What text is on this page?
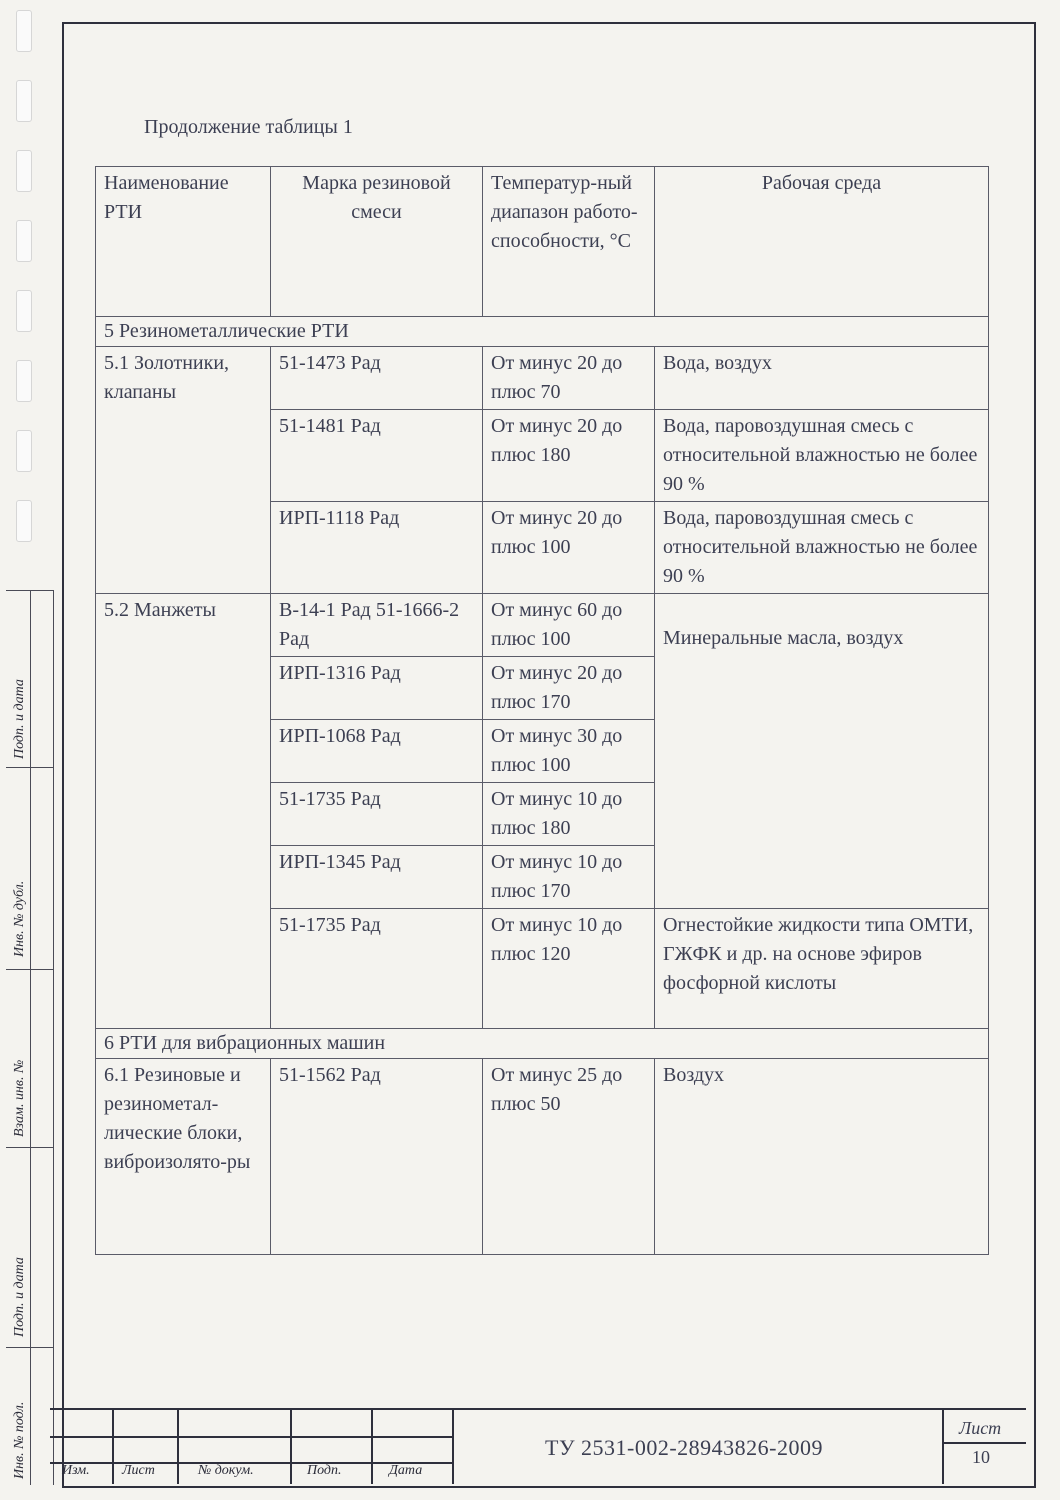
Подп. и дата
Инв. № дубл.
Взам. инв. №
Подп. и дата
Инв. № подл.
Продолжение таблицы 1
Наименование РТИ	Марка резиновой смеси	Температур-ный диапазон работо-способности, °С	Рабочая среда
5 Резинометаллические РТИ			
5.1 Золотники, клапаны	51-1473 Рад	От минус 20 до плюс 70	Вода, воздух
	51-1481 Рад	От минус 20 до плюс 180	Вода, паровоздушная смесь с относительной влажностью не более 90 %
	ИРП-1118 Рад	От минус 20 до плюс 100	Вода, паровоздушная смесь с относительной влажностью не более 90 %
5.2 Манжеты	В-14-1 Рад 51-1666-2 Рад	От минус 60 до плюс 100	Минеральные масла, воздух
	ИРП-1316 Рад	От минус 20 до плюс 170	
	ИРП-1068 Рад	От минус 30 до плюс 100	
	51-1735 Рад	От минус 10 до плюс 180	
	ИРП-1345 Рад	От минус 10 до плюс 170	
	51-1735 Рад	От минус 10 до плюс 120	Огнестойкие жидкости типа ОМТИ, ГЖФК и др. на основе эфиров фосфорной кислоты
6 РТИ для вибрационных машин			
6.1 Резиновые и резинометал-лические блоки, виброизолято-ры	51-1562 Рад	От минус 25 до плюс 50	Воздух
Изм. Лист	№ докум.	Подп.	Дата
ТУ 2531-002-28943826-2009
Лист
10
